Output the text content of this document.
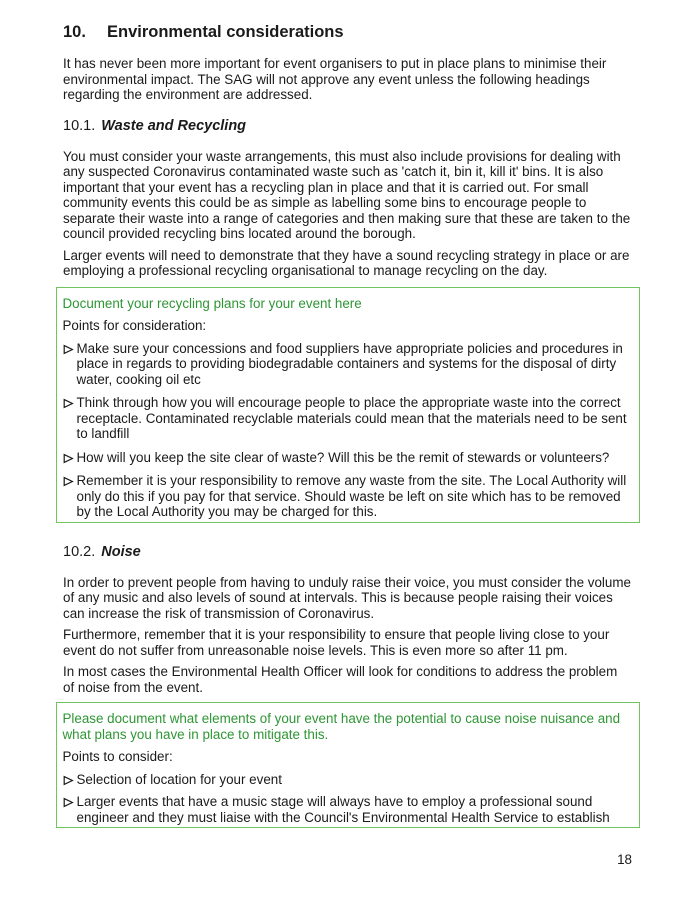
10. Environmental considerations

It has never been more important for event organisers to put in place plans to minimise their environmental impact. The SAG will not approve any event unless the following headings regarding the environment are addressed.

10.1. Waste and Recycling

You must consider your waste arrangements, this must also include provisions for dealing with any suspected Coronavirus contaminated waste such as 'catch it, bin it, kill it' bins. It is also important that your event has a recycling plan in place and that it is carried out. For small community events this could be as simple as labelling some bins to encourage people to separate their waste into a range of categories and then making sure that these are taken to the council provided recycling bins located around the borough.

Larger events will need to demonstrate that they have a sound recycling strategy in place or are employing a professional recycling organisational to manage recycling on the day.

Document your recycling plans for your event here

Points for consideration:

Make sure your concessions and food suppliers have appropriate policies and procedures in place in regards to providing biodegradable containers and systems for the disposal of dirty water, cooking oil etc
Think through how you will encourage people to place the appropriate waste into the correct receptacle. Contaminated recyclable materials could mean that the materials need to be sent to landfill
How will you keep the site clear of waste? Will this be the remit of stewards or volunteers?
Remember it is your responsibility to remove any waste from the site. The Local Authority will only do this if you pay for that service. Should waste be left on site which has to be removed by the Local Authority you may be charged for this.
10.2. Noise

In order to prevent people from having to unduly raise their voice, you must consider the volume of any music and also levels of sound at intervals. This is because people raising their voices can increase the risk of transmission of Coronavirus.

Furthermore, remember that it is your responsibility to ensure that people living close to your event do not suffer from unreasonable noise levels. This is even more so after 11 pm.

In most cases the Environmental Health Officer will look for conditions to address the problem of noise from the event.

Please document what elements of your event have the potential to cause noise nuisance and what plans you have in place to mitigate this.

Points to consider:

Selection of location for your event
Larger events that have a music stage will always have to employ a professional sound engineer and they must liaise with the Council's Environmental Health Service to establish
18
